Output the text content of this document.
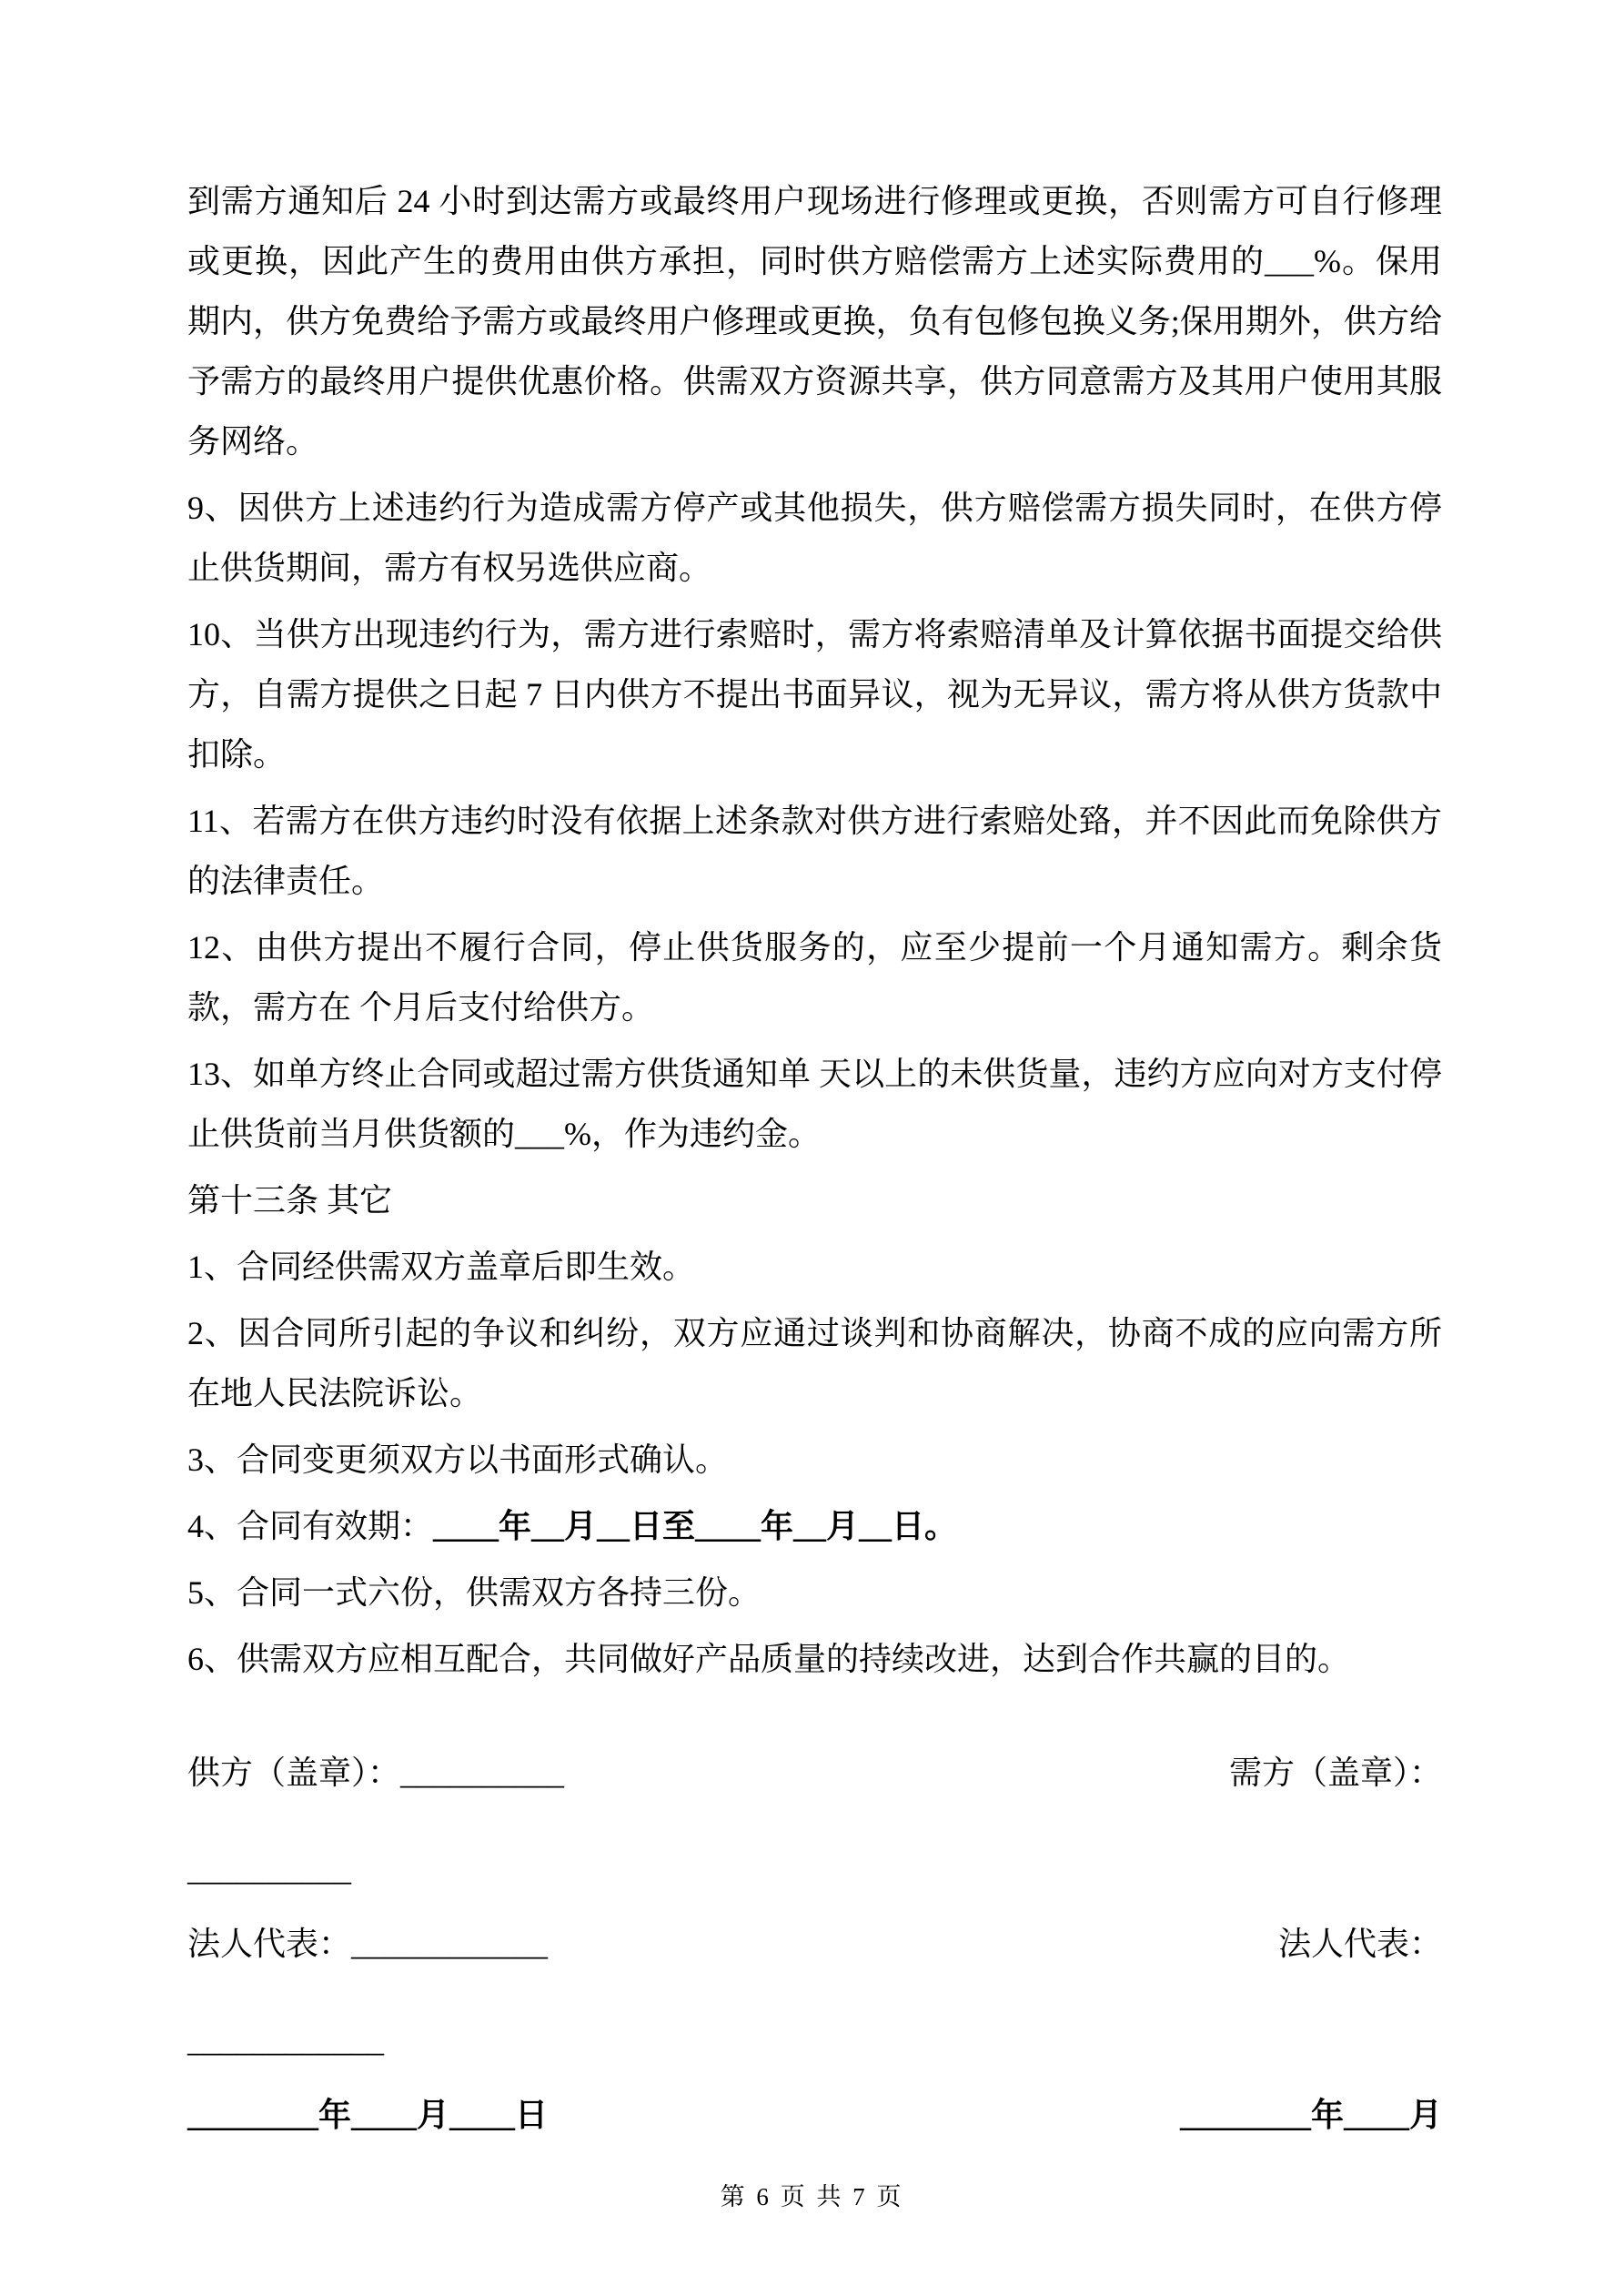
到需方通知后 24 小时到达需方或最终用户现场进行修理或更换，否则需方可自行修理或更换，因此产生的费用由供方承担，同时供方赔偿需方上述实际费用的___%。保用期内，供方免费给予需方或最终用户修理或更换，负有包修包换义务;保用期外，供方给予需方的最终用户提供优惠价格。供需双方资源共享，供方同意需方及其用户使用其服务网络。

9、因供方上述违约行为造成需方停产或其他损失，供方赔偿需方损失同时，在供方停止供货期间，需方有权另选供应商。

10、当供方出现违约行为，需方进行索赔时，需方将索赔清单及计算依据书面提交给供方，自需方提供之日起 7 日内供方不提出书面异议，视为无异议，需方将从供方货款中扣除。

11、若需方在供方违约时没有依据上述条款对供方进行索赔处臵，并不因此而免除供方的法律责任。

12、由供方提出不履行合同，停止供货服务的，应至少提前一个月通知需方。剩余货款，需方在 个月后支付给供方。

13、如单方终止合同或超过需方供货通知单 天以上的未供货量，违约方应向对方支付停止供货前当月供货额的___%，作为违约金。

第十三条 其它

1、合同经供需双方盖章后即生效。

2、因合同所引起的争议和纠纷，双方应通过谈判和协商解决，协商不成的应向需方所在地人民法院诉讼。

3、合同变更须双方以书面形式确认。

4、合同有效期：____年__月__日至____年__月__日。

5、合同一式六份，供需双方各持三份。

6、供需双方应相互配合，共同做好产品质量的持续改进，达到合作共赢的目的。

供方（盖章）：__________	需方（盖章）：
__________
法人代表：____________	法人代表：
____________
________年____月____日	________年____月
第 6 页 共 7 页
